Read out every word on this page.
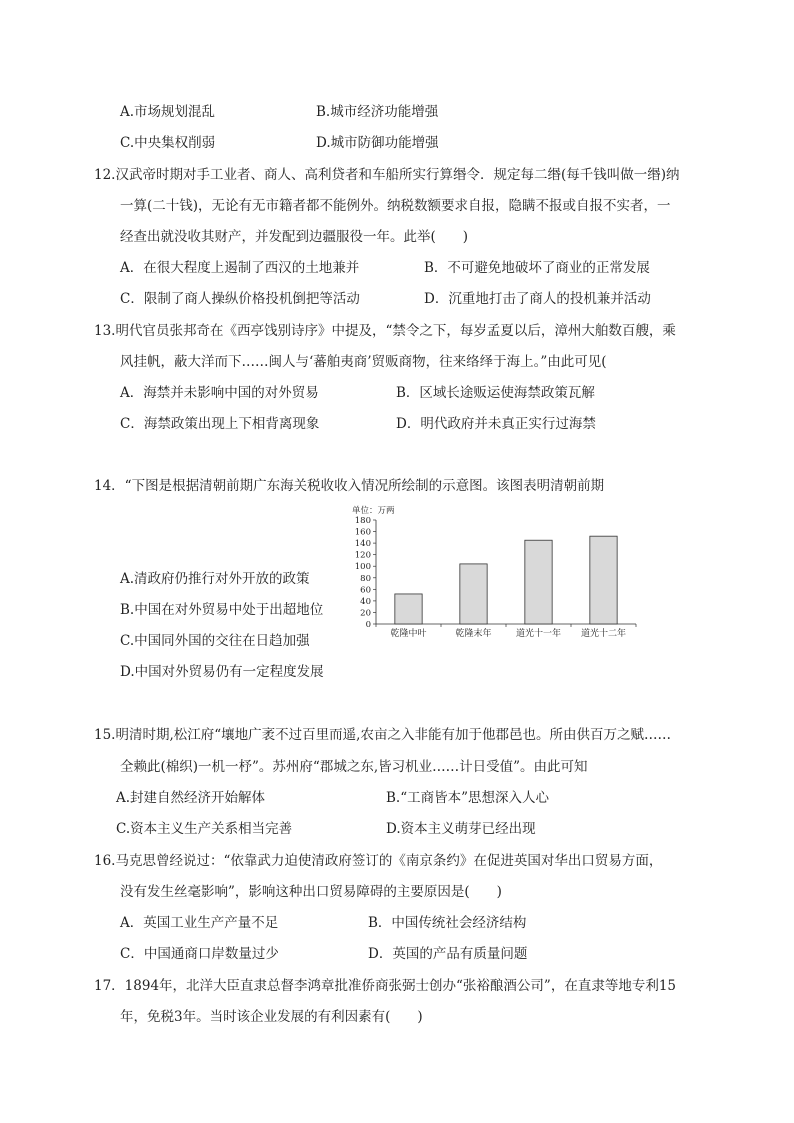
A.市场规划混乱	B.城市经济功能增强
C.中央集权削弱	D.城市防御功能增强
12.汉武帝时期对手工业者、商人、高利贷者和车船所实行算缗令．规定每二缗(每千钱叫做一缗)纳
一算(二十钱)，无论有无市籍者都不能例外。纳税数额要求自报，隐瞒不报或自报不实者，一
经查出就没收其财产，并发配到边疆服役一年。此举(　　)
A．在很大程度上遏制了西汉的土地兼并	B．不可避免地破坏了商业的正常发展
C．限制了商人操纵价格投机倒把等活动	D．沉重地打击了商人的投机兼并活动
13.明代官员张邦奇在《西亭饯别诗序》中提及，“禁令之下，每岁孟夏以后，漳州大舶数百艘，乘
风挂帆，蔽大洋而下……闽人与‘蕃舶夷商’贸贩商物，往来络绎于海上。”由此可见(
A．海禁并未影响中国的对外贸易	B．区域长途贩运使海禁政策瓦解
C．海禁政策出现上下相背离现象	D．明代政府并未真正实行过海禁
14．“下图是根据清朝前期广东海关税收收入情况所绘制的示意图。该图表明清朝前期
A.清政府仍推行对外开放的政策
B.中国在对外贸易中处于出超地位
C.中国同外国的交往在日趋加强
D.中国对外贸易仍有一定程度发展
单位：万两
0
20
40
60
80
100
120
140
160
180
乾隆中叶	乾隆末年	道光十一年 道光十二年
15.明清时期,松江府“壤地广袤不过百里而遥,农亩之入非能有加于他郡邑也。所由供百万之赋……
全赖此(棉织)一机一杼”。苏州府“郡城之东,皆习机业……计日受值”。由此可知
A.封建自然经济开始解体	B.“工商皆本”思想深入人心
C.资本主义生产关系相当完善	D.资本主义萌芽已经出现
16.马克思曾经说过：“依靠武力迫使清政府签订的《南京条约》在促进英国对华出口贸易方面，
没有发生丝毫影响”，影响这种出口贸易障碍的主要原因是(　　)
A．英国工业生产产量不足	B．中国传统社会经济结构
C．中国通商口岸数量过少	D．英国的产品有质量问题
17．1894年，北洋大臣直隶总督李鸿章批准侨商张弼士创办“张裕酿酒公司”，在直隶等地专利15
年，免税3年。当时该企业发展的有利因素有(　　)
